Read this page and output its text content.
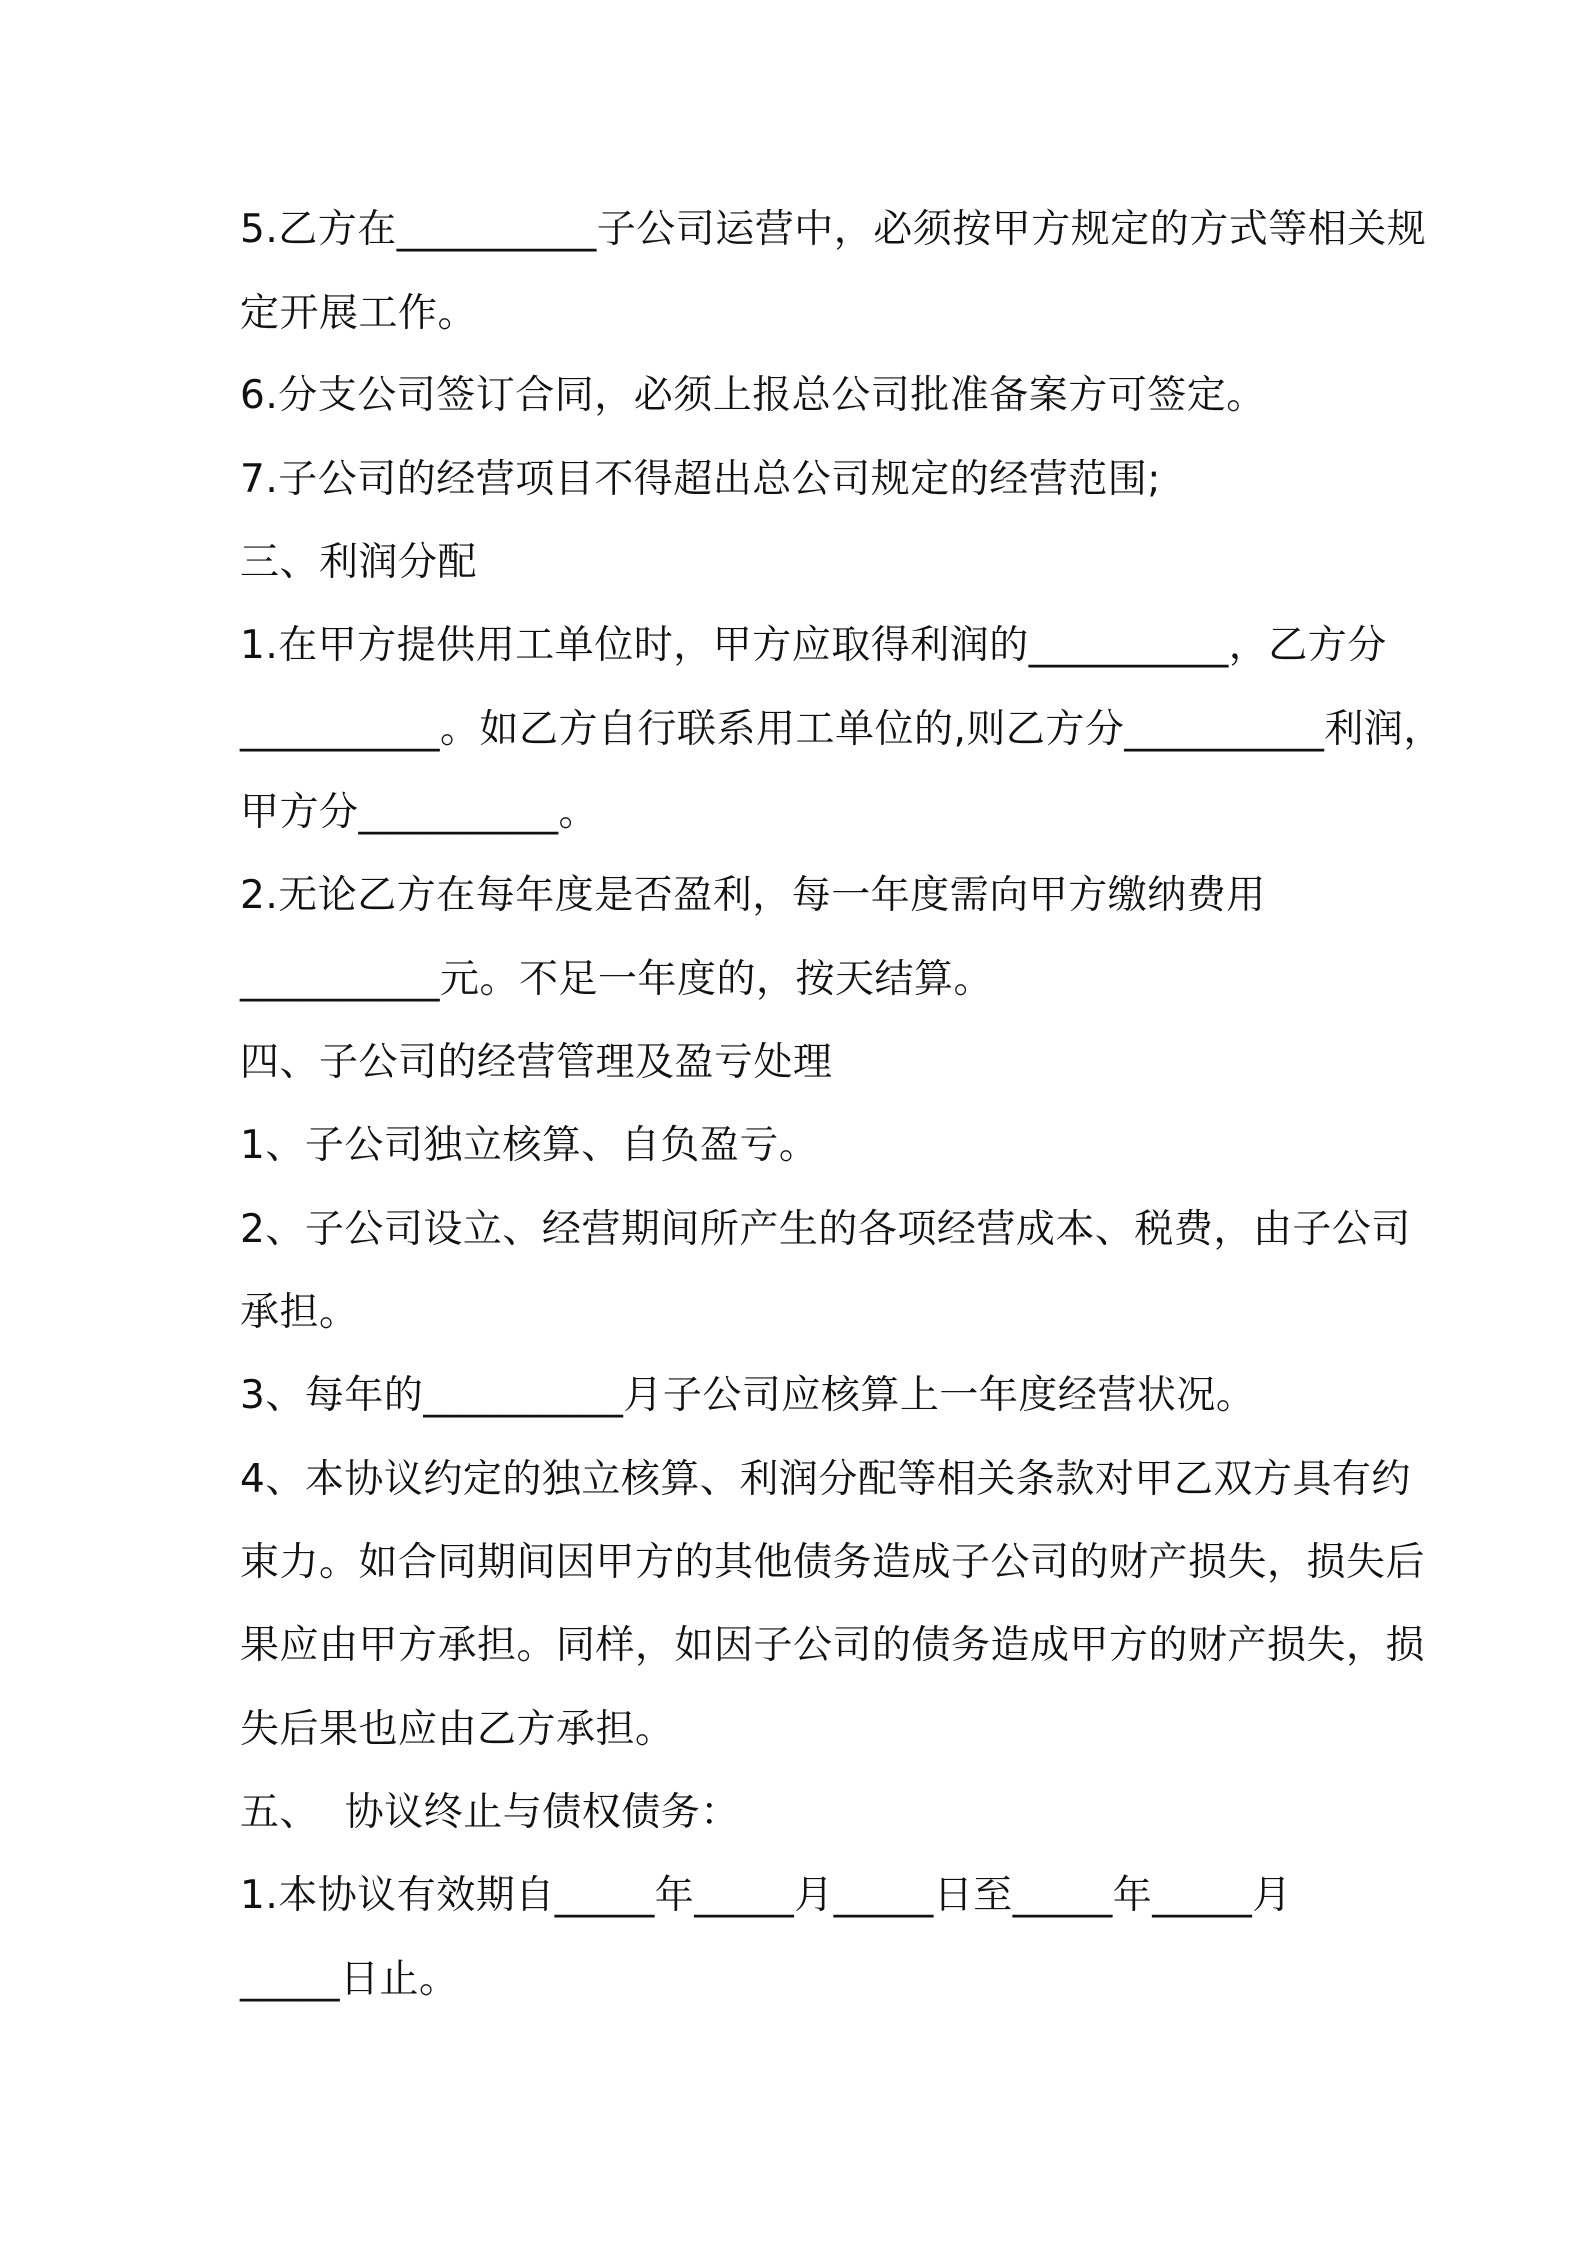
5.乙方在__________子公司运营中，必须按甲方规定的方式等相关规
定开展工作。
6.分支公司签订合同，必须上报总公司批准备案方可签定。
7.子公司的经营项目不得超出总公司规定的经营范围;
三、利润分配
1.在甲方提供用工单位时，甲方应取得利润的__________，乙方分
__________。如乙方自行联系用工单位的,则乙方分__________利润，
甲方分__________。
2.无论乙方在每年度是否盈利，每一年度需向甲方缴纳费用
__________元。不足一年度的，按天结算。
四、子公司的经营管理及盈亏处理
1、子公司独立核算、自负盈亏。
2、子公司设立、经营期间所产生的各项经营成本、税费，由子公司
承担。
3、每年的__________月子公司应核算上一年度经营状况。
4、本协议约定的独立核算、利润分配等相关条款对甲乙双方具有约
束力。如合同期间因甲方的其他债务造成子公司的财产损失，损失后
果应由甲方承担。同样，如因子公司的债务造成甲方的财产损失，损
失后果也应由乙方承担。
五、  协议终止与债权债务：
1.本协议有效期自_____年_____月_____日至_____年_____月
_____日止。
